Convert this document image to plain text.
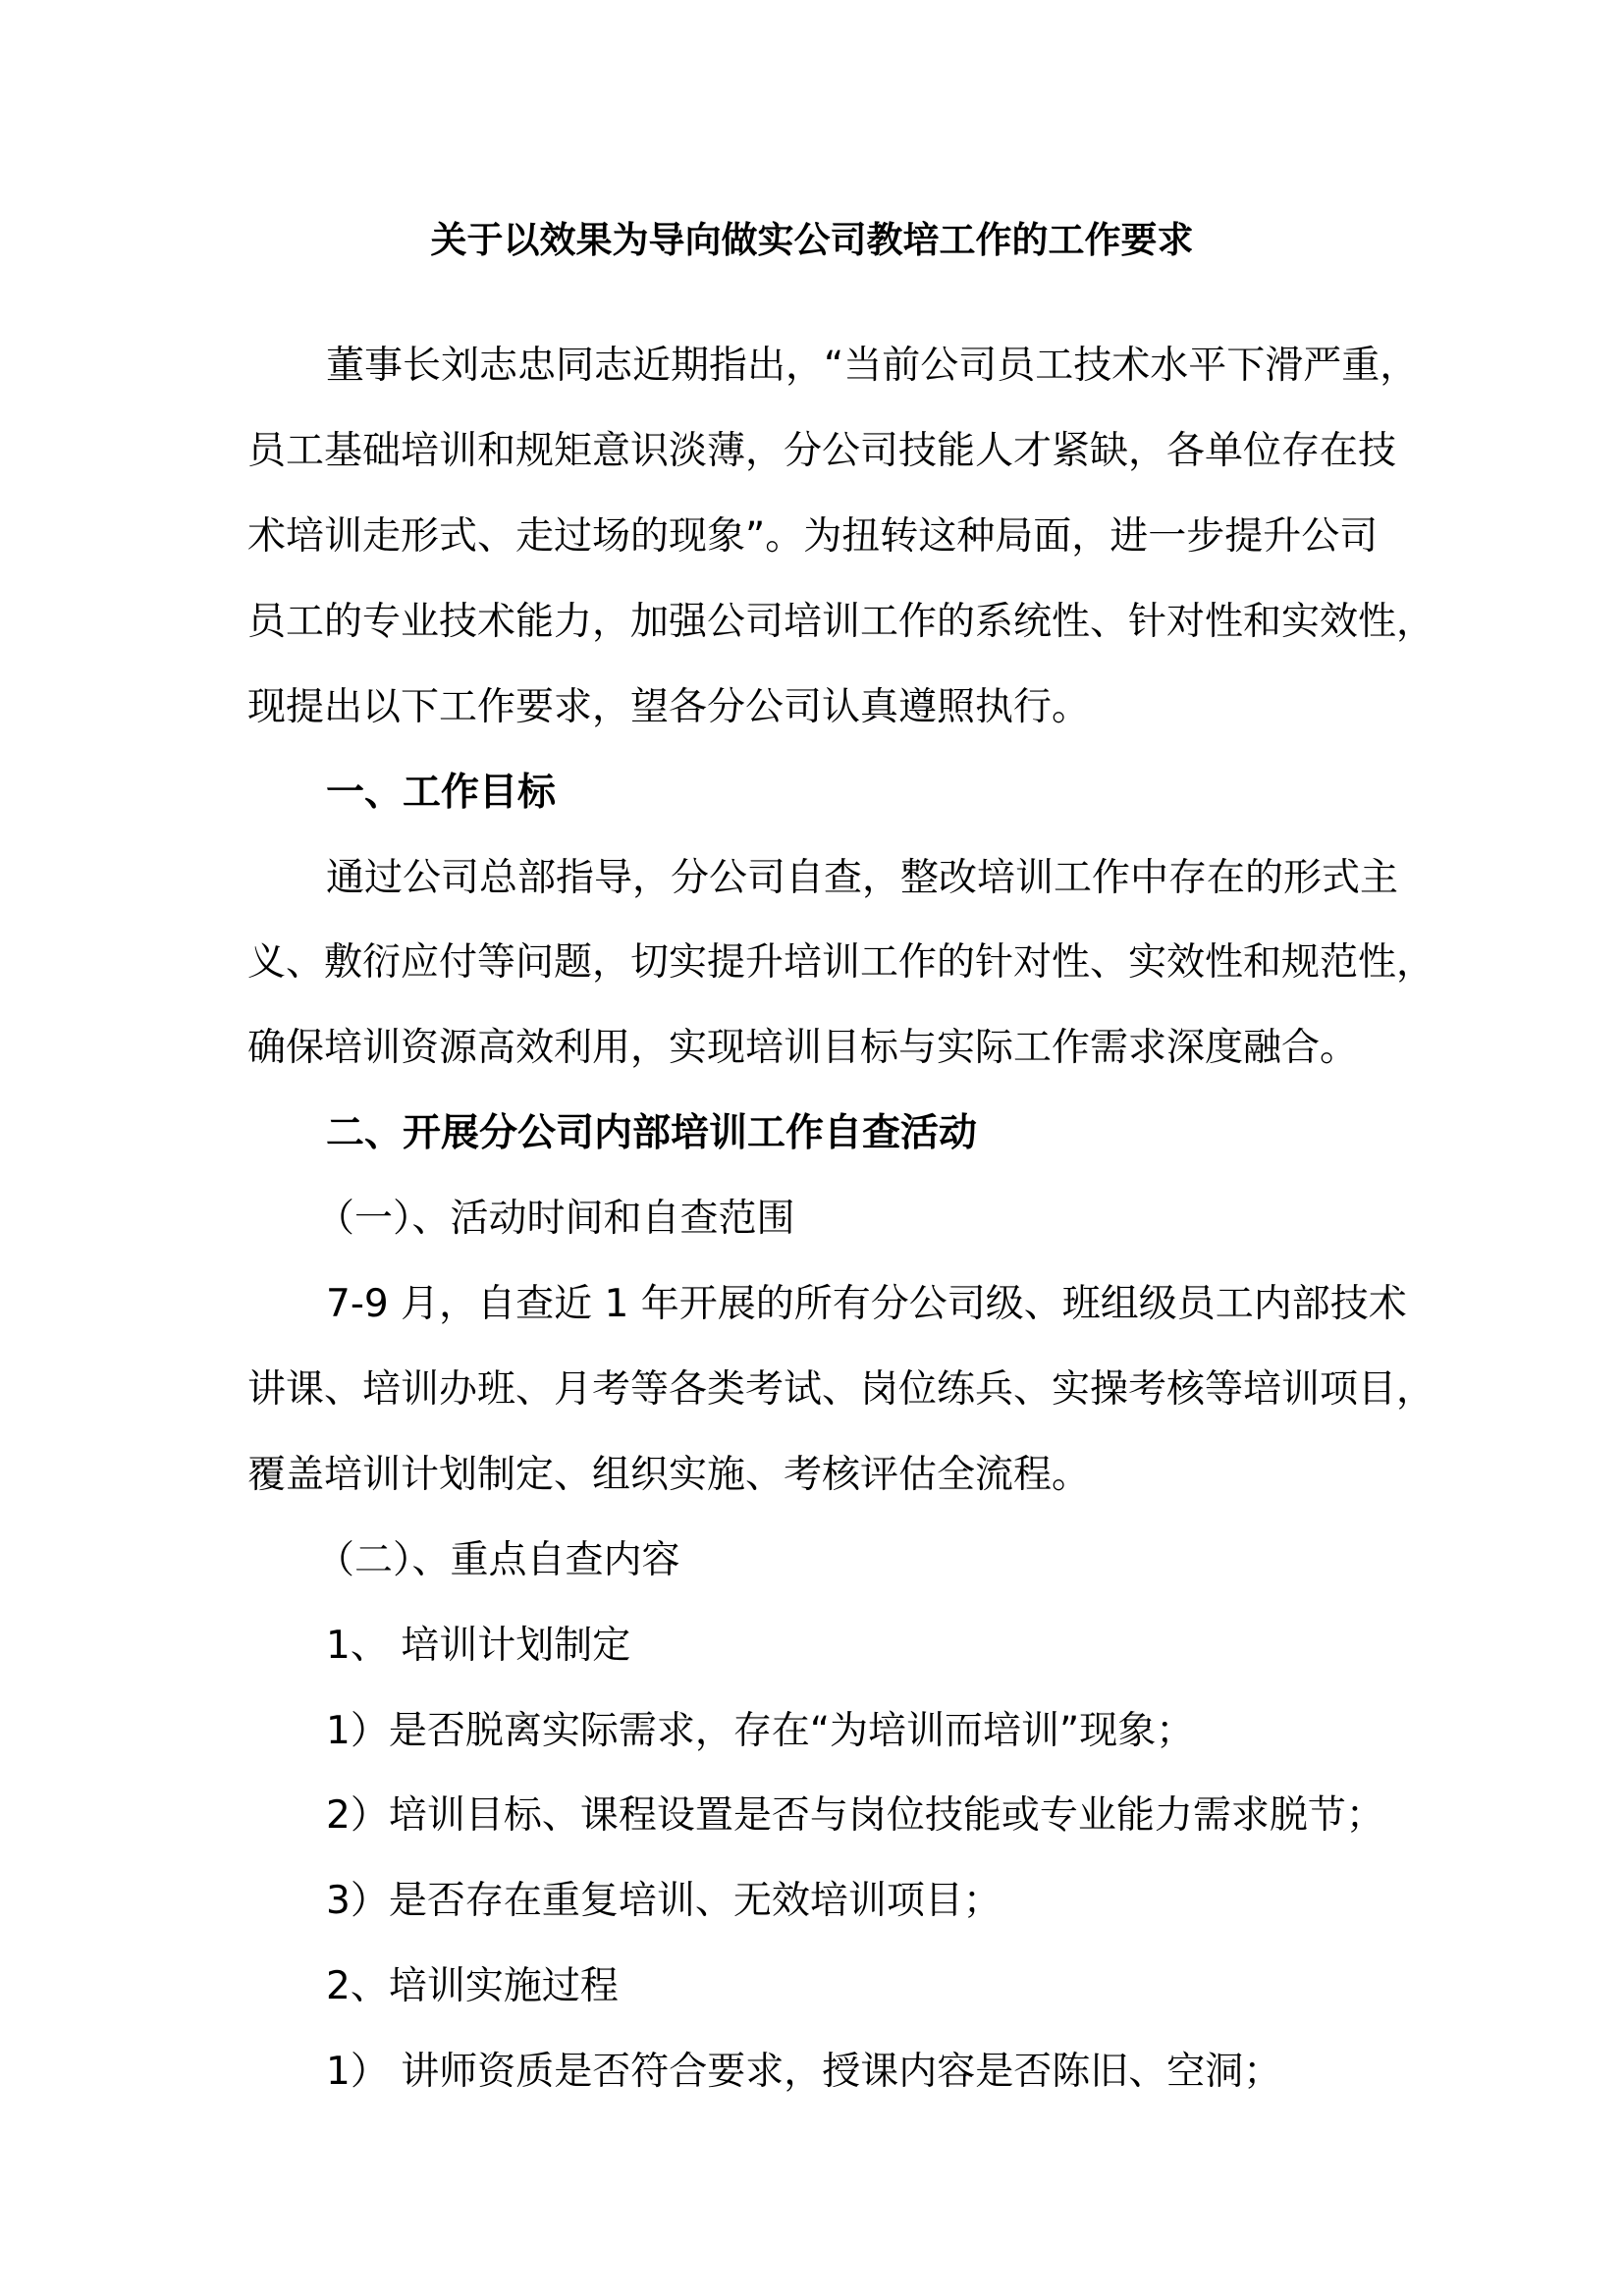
关于以效果为导向做实公司教培工作的工作要求
董事长刘志忠同志近期指出，“当前公司员工技术水平下滑严重，
员工基础培训和规矩意识淡薄，分公司技能人才紧缺，各单位存在技
术培训走形式、走过场的现象”。为扭转这种局面，进一步提升公司
员工的专业技术能力，加强公司培训工作的系统性、针对性和实效性，
现提出以下工作要求，望各分公司认真遵照执行。
一、工作目标
通过公司总部指导，分公司自查，整改培训工作中存在的形式主
义、敷衍应付等问题，切实提升培训工作的针对性、实效性和规范性，
确保培训资源高效利用，实现培训目标与实际工作需求深度融合。
二、开展分公司内部培训工作自查活动
（一）、活动时间和自查范围
7-9 月，自查近 1 年开展的所有分公司级、班组级员工内部技术
讲课、培训办班、月考等各类考试、岗位练兵、实操考核等培训项目，
覆盖培训计划制定、组织实施、考核评估全流程。
（二）、重点自查内容
1、 培训计划制定
1）是否脱离实际需求，存在“为培训而培训”现象；
2）培训目标、课程设置是否与岗位技能或专业能力需求脱节；
3）是否存在重复培训、无效培训项目；
2、培训实施过程
1） 讲师资质是否符合要求，授课内容是否陈旧、空洞；
